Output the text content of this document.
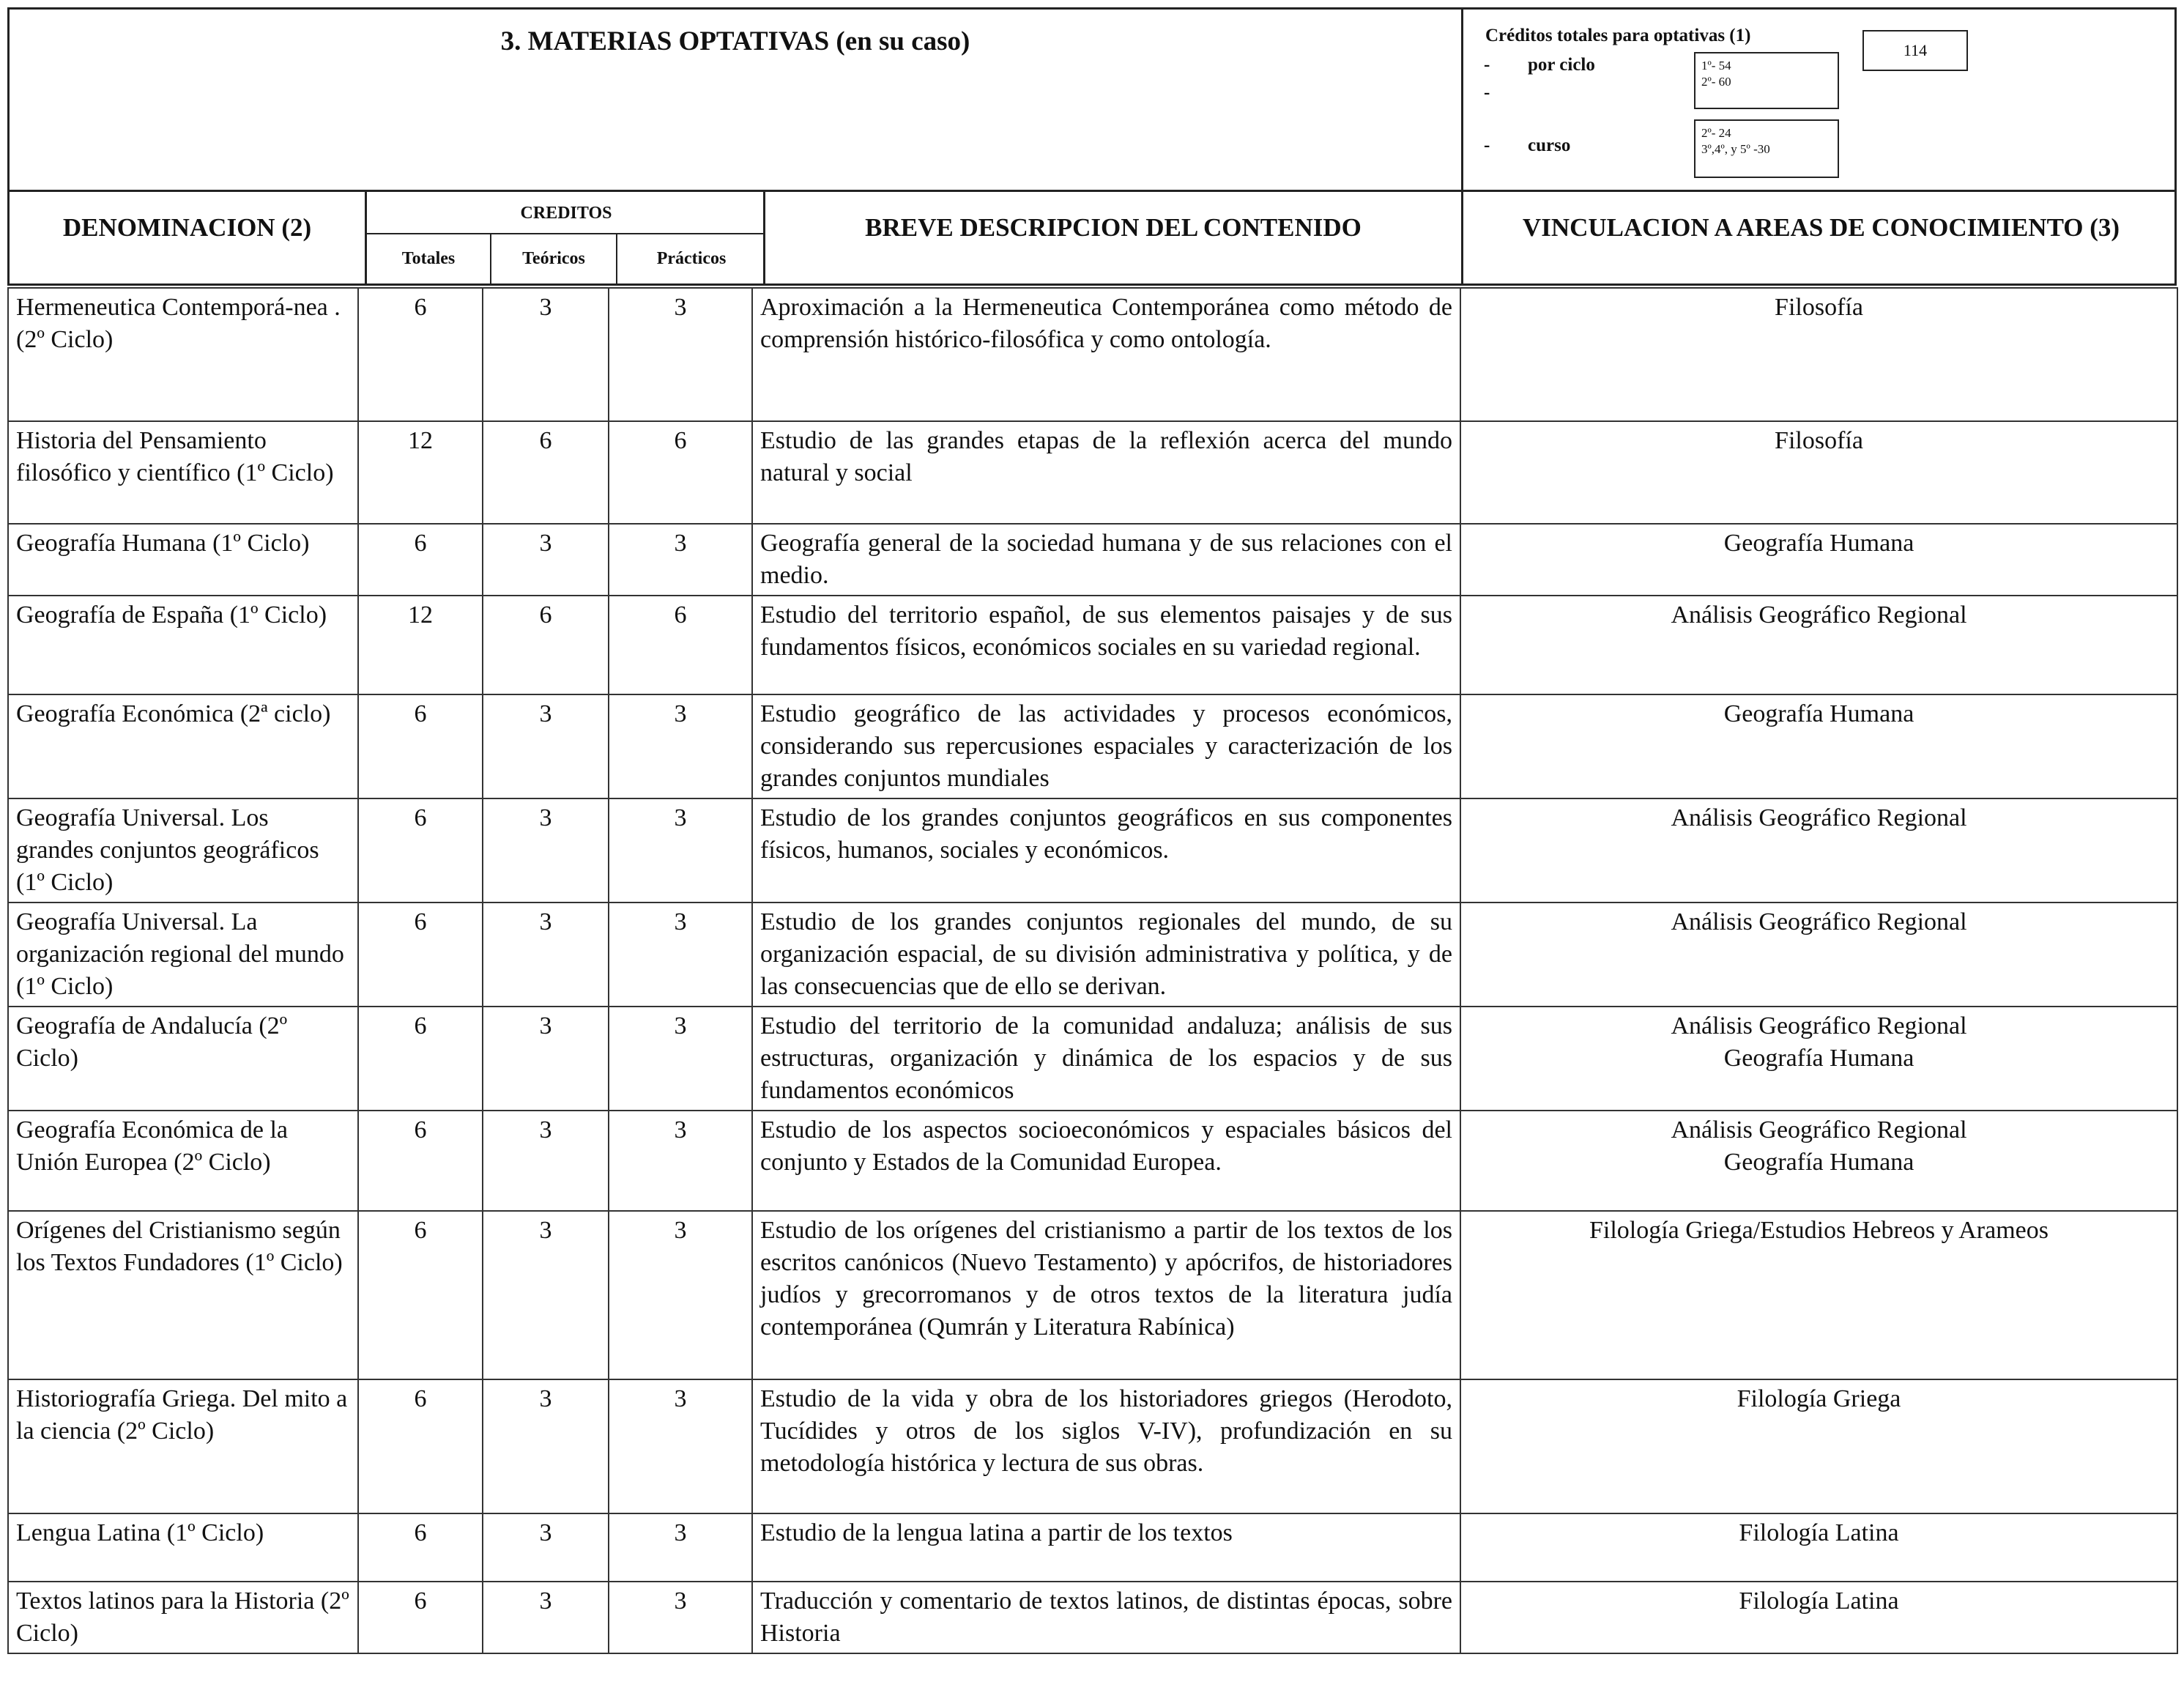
3. MATERIAS OPTATIVAS (en su caso)	Créditos totales para optativas (1)
114
- por ciclo
-
1º- 54
2º- 60
- curso
2º- 24
3º,4º, y 5º -30
DENOMINACION (2)	CREDITOS
Totales	Teóricos	Prácticos
BREVE DESCRIPCION DEL CONTENIDO	VINCULACION A AREAS DE CONOCIMIENTO (3)
Hermeneutica Contemporá-nea . (2º Ciclo)	6	3	3	Aproximación a la Hermeneutica Contemporánea como método de comprensión histórico-filosófica y como ontología.	Filosofía

Historia del Pensamiento filosófico y científico (1º Ciclo)	12	6	6	Estudio de las grandes etapas de la reflexión acerca del mundo natural y social	Filosofía

Geografía Humana (1º Ciclo)	6	3	3	Geografía general de la sociedad humana y de sus relaciones con el medio.	Geografía Humana

Geografía de España (1º Ciclo)	12	6	6	Estudio del territorio español, de sus elementos paisajes y de sus fundamentos físicos, económicos sociales en su variedad regional.	Análisis Geográfico Regional

Geografía Económica (2ª ciclo)	6	3	3	Estudio geográfico de las actividades y procesos económicos, considerando sus repercusiones espaciales y caracterización de los grandes conjuntos mundiales	Geografía Humana

Geografía Universal. Los grandes conjuntos geográficos (1º Ciclo)	6	3	3	Estudio de los grandes conjuntos geográficos en sus componentes físicos, humanos, sociales y económicos.	Análisis Geográfico Regional

Geografía Universal. La organización regional del mundo (1º Ciclo)	6	3	3	Estudio de los grandes conjuntos regionales del mundo, de su organización espacial, de su división administrativa y política, y de las consecuencias que de ello se derivan.	Análisis Geográfico Regional

Geografía de Andalucía (2º Ciclo)	6	3	3	Estudio del territorio de la comunidad andaluza; análisis de sus estructuras, organización y dinámica de los espacios y de sus fundamentos económicos	Análisis Geográfico Regional
Geografía Humana

Geografía Económica de la Unión Europea (2º Ciclo)	6	3	3	Estudio de los aspectos socioeconómicos y espaciales básicos del conjunto y Estados de la Comunidad Europea.	Análisis Geográfico Regional
Geografía Humana

Orígenes del Cristianismo según los Textos Fundadores (1º Ciclo)	6	3	3	Estudio de los orígenes del cristianismo a partir de los textos de los escritos canónicos (Nuevo Testamento) y apócrifos, de historiadores judíos y grecorromanos y de otros textos de la literatura judía contemporánea (Qumrán y Literatura Rabínica)	Filología Griega/Estudios Hebreos y Arameos

Historiografía Griega. Del mito a la ciencia (2º Ciclo)	6	3	3	Estudio de la vida y obra de los historiadores griegos (Herodoto, Tucídides y otros de los siglos V-IV), profundización en su metodología histórica y lectura de sus obras.	Filología Griega

Lengua Latina (1º Ciclo)	6	3	3	Estudio de la lengua latina a partir de los textos	Filología Latina

Textos latinos para la Historia (2º Ciclo)	6	3	3	Traducción y comentario de textos latinos, de distintas épocas, sobre Historia	Filología Latina
